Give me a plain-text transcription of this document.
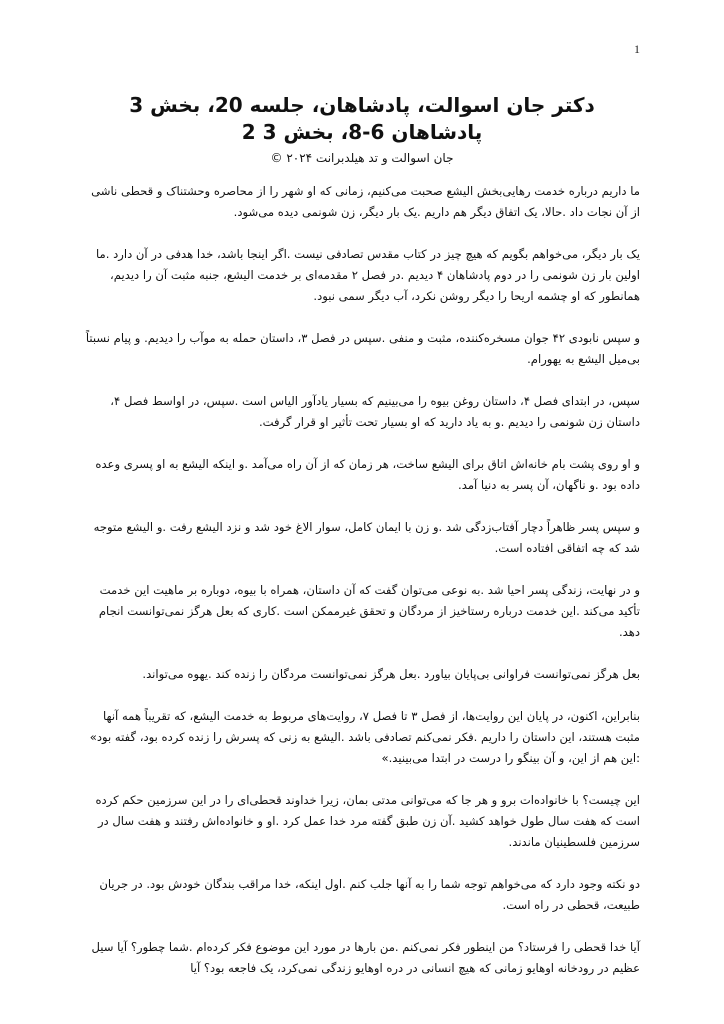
1
دکتر جان اسوالت، پادشاهان، جلسه 20، بخش 3
پادشاهان 6-8، بخش 3 2
جان اسوالت و تد هیلدبرانت ۲۰۲۴ ©

ما داریم درباره خدمت رهایی‌بخش الیشع صحبت می‌کنیم، زمانی که او شهر را از محاصره وحشتناک و قحطی ناشی از آن نجات داد .حالا، یک اتفاق دیگر هم داریم .یک بار دیگر، زن شونمی دیده می‌شود.

یک بار دیگر، می‌خواهم بگویم که هیچ چیز در کتاب مقدس تصادفی نیست .اگر اینجا باشد، خدا هدفی در آن دارد .ما اولین بار زن شونمی را در دوم پادشاهان ۴ دیدیم .در فصل ۲ مقدمه‌ای بر خدمت الیشع، جنبه مثبت آن را دیدیم، همانطور که او چشمه اریحا را دیگر روشن نکرد، آب دیگر سمی نبود.

و سپس نابودی ۴۲ جوان مسخره‌کننده، مثبت و منفی .سپس در فصل ۳، داستان حمله به موآب را دیدیم. و پیام نسبتاً بی‌میل الیشع به یهورام.

سپس، در ابتدای فصل ۴، داستان روغن بیوه را می‌بینیم که بسیار یادآور الیاس است .سپس، در اواسط فصل ۴، داستان زن شونمی را دیدیم .و به یاد دارید که او بسیار تحت تأثیر او قرار گرفت.

و او روی پشت بام خانه‌اش اتاق برای الیشع ساخت، هر زمان که از آن راه می‌آمد .و اینکه الیشع به او پسری وعده داده بود .و ناگهان، آن پسر به دنیا آمد.

و سپس پسر ظاهراً دچار آفتاب‌زدگی شد .و زن با ایمان کامل، سوار الاغ خود شد و نزد الیشع رفت .و الیشع متوجه شد که چه اتفاقی افتاده است.

و در نهایت، زندگی پسر احیا شد .به نوعی می‌توان گفت که آن داستان، همراه با بیوه، دوباره بر ماهیت این خدمت تأکید می‌کند .این خدمت درباره رستاخیز از مردگان و تحقق غیرممکن است .کاری که بعل هرگز نمی‌توانست انجام دهد.

بعل هرگز نمی‌توانست فراوانی بی‌پایان بیاورد .بعل هرگز نمی‌توانست مردگان را زنده کند .یهوه می‌تواند.

بنابراین، اکنون، در پایان این روایت‌ها، از فصل ۳ تا فصل ۷، روایت‌های مربوط به خدمت الیشع، که تقریباً همه آنها مثبت هستند، این داستان را داریم .فکر نمی‌کنم تصادفی باشد .الیشع به زنی که پسرش را زنده کرده بود، گفته بود» :این هم از این، و آن بینگو را درست در ابتدا می‌بینید.»

این چیست؟ با خانواده‌ات برو و هر جا که می‌توانی مدتی بمان، زیرا خداوند قحطی‌ای را در این سرزمین حکم کرده است که هفت سال طول خواهد کشید .آن زن طبق گفته مرد خدا عمل کرد .او و خانواده‌اش رفتند و هفت سال در سرزمین فلسطینیان ماندند.

دو نکته وجود دارد که می‌خواهم توجه شما را به آنها جلب کنم .اول اینکه، خدا مراقب بندگان خودش بود. در جریان طبیعت، قحطی در راه است.

آیا خدا قحطی را فرستاد؟ من اینطور فکر نمی‌کنم .من بارها در مورد این موضوع فکر کرده‌ام .شما چطور؟ آیا سیل عظیم در رودخانه اوهایو زمانی که هیچ انسانی در دره اوهایو زندگی نمی‌کرد، یک فاجعه بود؟ آیا
